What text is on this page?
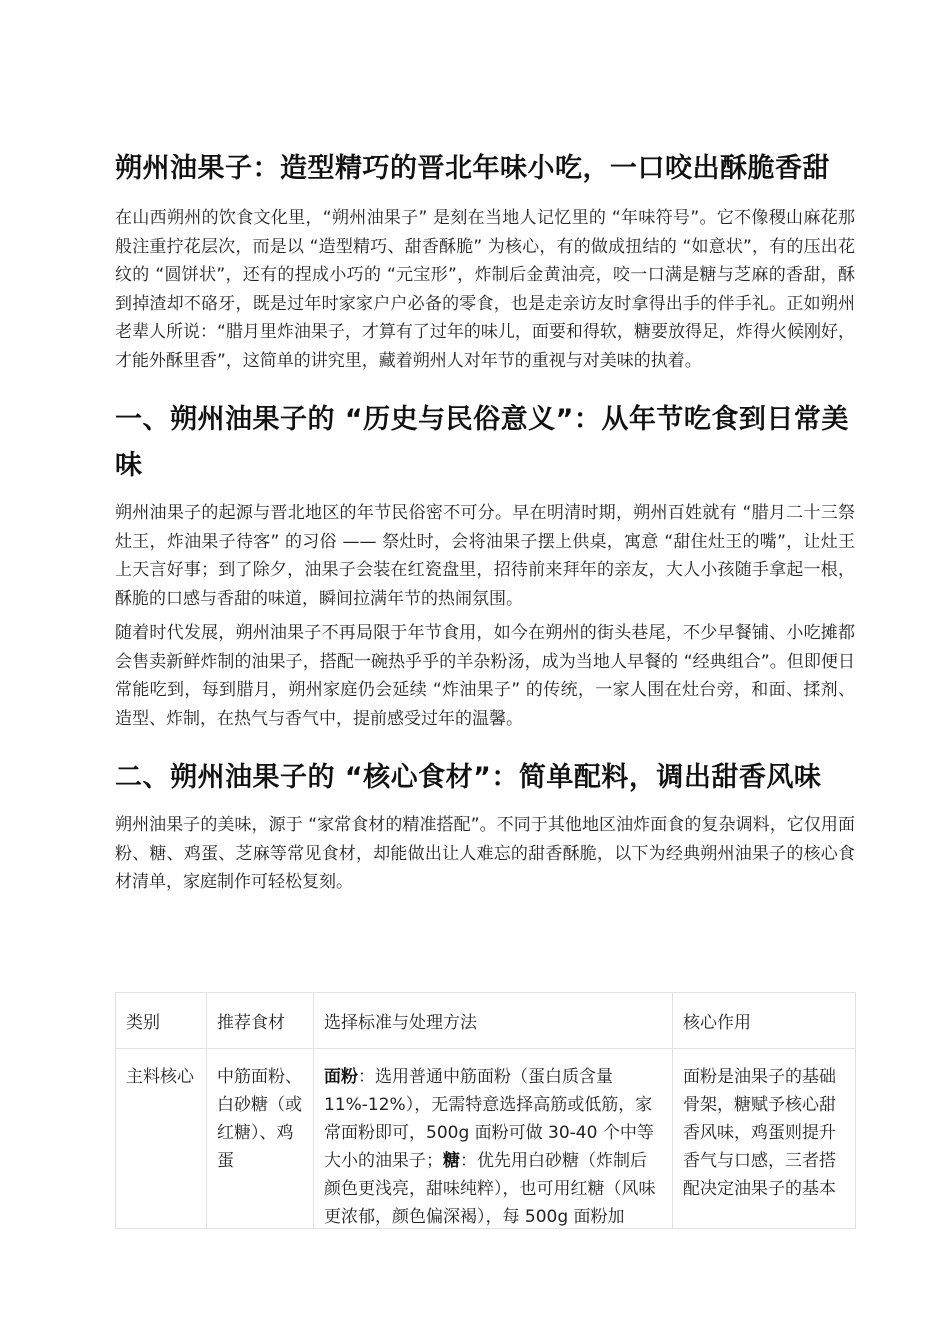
朔州油果子：造型精巧的晋北年味小吃，一口咬出酥脆香甜

在山西朔州的饮食文化里，“朔州油果子” 是刻在当地人记忆里的 “年味符号”。它不像稷山麻花那般注重拧花层次，而是以 “造型精巧、甜香酥脆” 为核心，有的做成扭结的 “如意状”，有的压出花纹的 “圆饼状”，还有的捏成小巧的 “元宝形”，炸制后金黄油亮，咬一口满是糖与芝麻的香甜，酥到掉渣却不硌牙，既是过年时家家户户必备的零食，也是走亲访友时拿得出手的伴手礼。正如朔州老辈人所说：“腊月里炸油果子，才算有了过年的味儿，面要和得软，糖要放得足，炸得火候刚好，才能外酥里香”，这简单的讲究里，藏着朔州人对年节的重视与对美味的执着。

一、朔州油果子的 “历史与民俗意义”：从年节吃食到日常美味

朔州油果子的起源与晋北地区的年节民俗密不可分。早在明清时期，朔州百姓就有 “腊月二十三祭灶王，炸油果子待客” 的习俗 —— 祭灶时，会将油果子摆上供桌，寓意 “甜住灶王的嘴”，让灶王上天言好事；到了除夕，油果子会装在红瓷盘里，招待前来拜年的亲友，大人小孩随手拿起一根，酥脆的口感与香甜的味道，瞬间拉满年节的热闹氛围。

随着时代发展，朔州油果子不再局限于年节食用，如今在朔州的街头巷尾，不少早餐铺、小吃摊都会售卖新鲜炸制的油果子，搭配一碗热乎乎的羊杂粉汤，成为当地人早餐的 “经典组合”。但即便日常能吃到，每到腊月，朔州家庭仍会延续 “炸油果子” 的传统，一家人围在灶台旁，和面、揉剂、造型、炸制，在热气与香气中，提前感受过年的温馨。

二、朔州油果子的 “核心食材”：简单配料，调出甜香风味

朔州油果子的美味，源于 “家常食材的精准搭配”。不同于其他地区油炸面食的复杂调料，它仅用面粉、糖、鸡蛋、芝麻等常见食材，却能做出让人难忘的甜香酥脆，以下为经典朔州油果子的核心食材清单，家庭制作可轻松复刻。

类别	推荐食材	选择标准与处理方法	核心作用

主料核心	中筋面粉、白砂糖（或红糖）、鸡蛋	面粉：选用普通中筋面粉（蛋白质含量 11%-12%），无需特意选择高筋或低筋，家常面粉即可，500g 面粉可做 30-40 个中等大小的油果子；糖：优先用白砂糖（炸制后颜色更浅亮，甜味纯粹），也可用红糖（风味更浓郁，颜色偏深褐），每 500g 面粉加	面粉是油果子的基础骨架，糖赋予核心甜香风味，鸡蛋则提升香气与口感，三者搭配决定油果子的基本
